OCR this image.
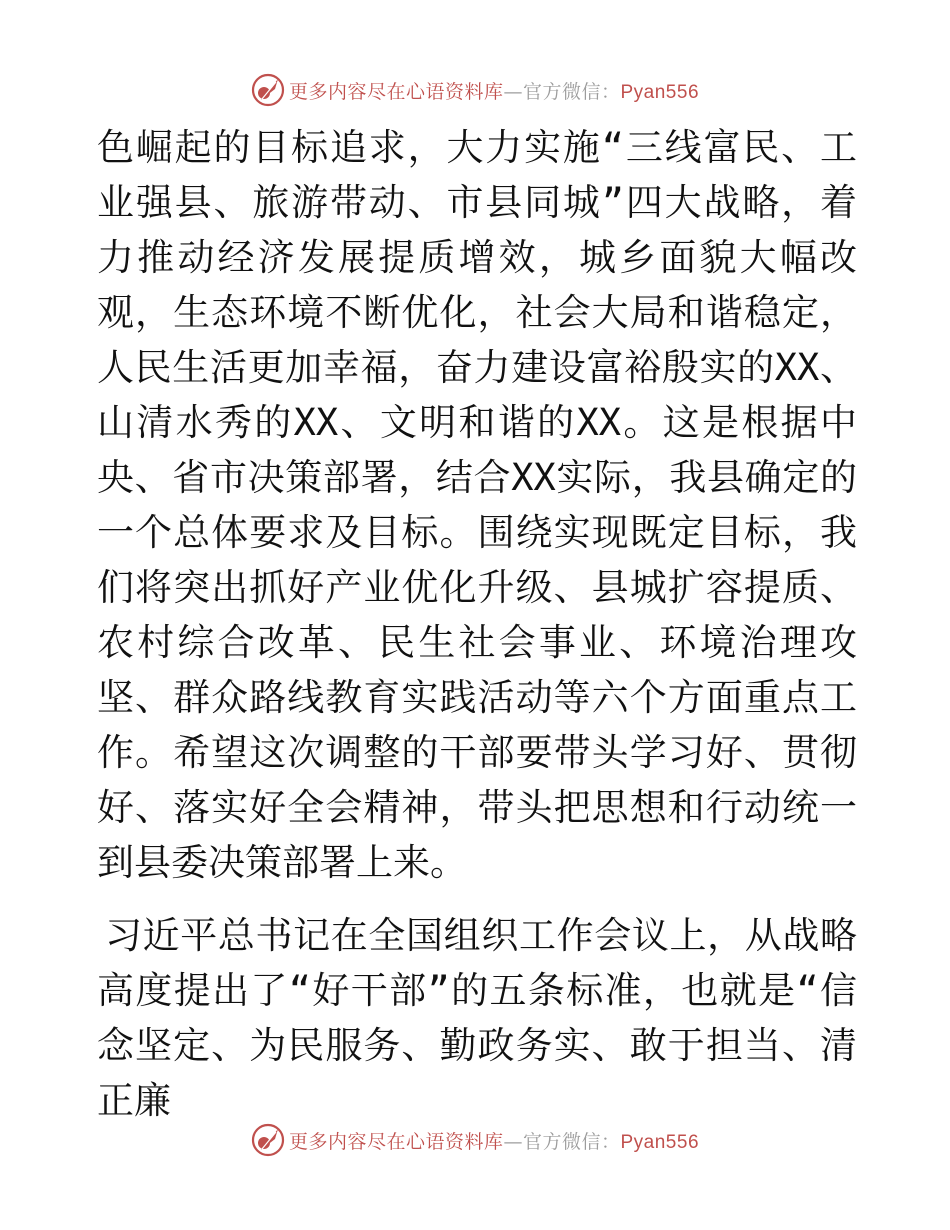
更多内容尽在心语资料库—官方微信：Pyan556

色崛起的目标追求，大力实施“三线富民、工业强县、旅游带动、市县同城”四大战略，着力推动经济发展提质增效，城乡面貌大幅改观，生态环境不断优化，社会大局和谐稳定，人民生活更加幸福，奋力建设富裕殷实的XX、山清水秀的XX、文明和谐的XX。这是根据中央、省市决策部署，结合XX实际，我县确定的一个总体要求及目标。围绕实现既定目标，我们将突出抓好产业优化升级、县城扩容提质、农村综合改革、民生社会事业、环境治理攻坚、群众路线教育实践活动等六个方面重点工作。希望这次调整的干部要带头学习好、贯彻好、落实好全会精神，带头把思想和行动统一到县委决策部署上来。

习近平总书记在全国组织工作会议上，从战略高度提出了“好干部”的五条标准，也就是“信念坚定、为民服务、勤政务实、敢于担当、清正廉

更多内容尽在心语资料库—官方微信：Pyan556
